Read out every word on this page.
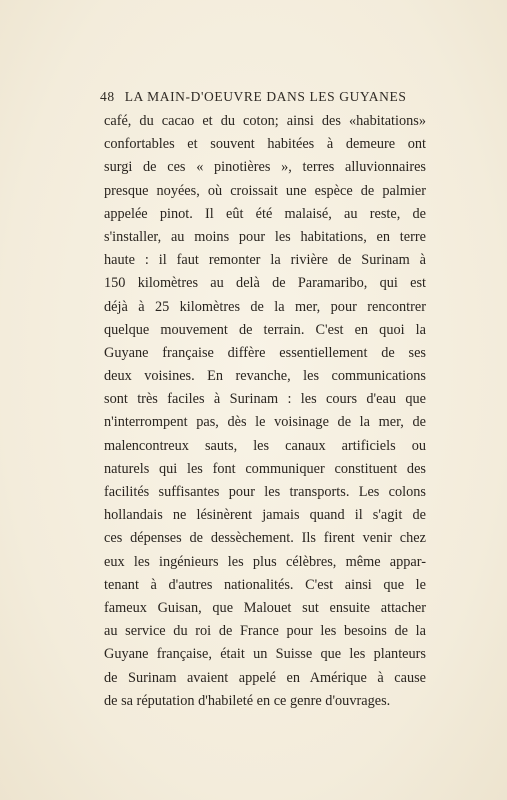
48 LA MAIN-D'OEUVRE DANS LES GUYANES
café, du cacao et du coton; ainsi des «habitations»
confortables et souvent habitées à demeure ont
surgi de ces « pinotières », terres alluvionnaires
presque noyées, où croissait une espèce de palmier
appelée pinot. Il eût été malaisé, au reste, de
s'installer, au moins pour les habitations, en terre
haute : il faut remonter la rivière de Surinam à
150 kilomètres au delà de Paramaribo, qui est
déjà à 25 kilomètres de la mer, pour rencontrer
quelque mouvement de terrain. C'est en quoi la
Guyane française diffère essentiellement de ses
deux voisines. En revanche, les communications
sont très faciles à Surinam : les cours d'eau que
n'interrompent pas, dès le voisinage de la mer, de
malencontreux sauts, les canaux artificiels ou
naturels qui les font communiquer constituent des
facilités suffisantes pour les transports. Les colons
hollandais ne lésinèrent jamais quand il s'agit de
ces dépenses de dessèchement. Ils firent venir chez
eux les ingénieurs les plus célèbres, même appar-
tenant à d'autres nationalités. C'est ainsi que le
fameux Guisan, que Malouet sut ensuite attacher
au service du roi de France pour les besoins de la
Guyane française, était un Suisse que les planteurs
de Surinam avaient appelé en Amérique à cause
de sa réputation d'habileté en ce genre d'ouvrages.
